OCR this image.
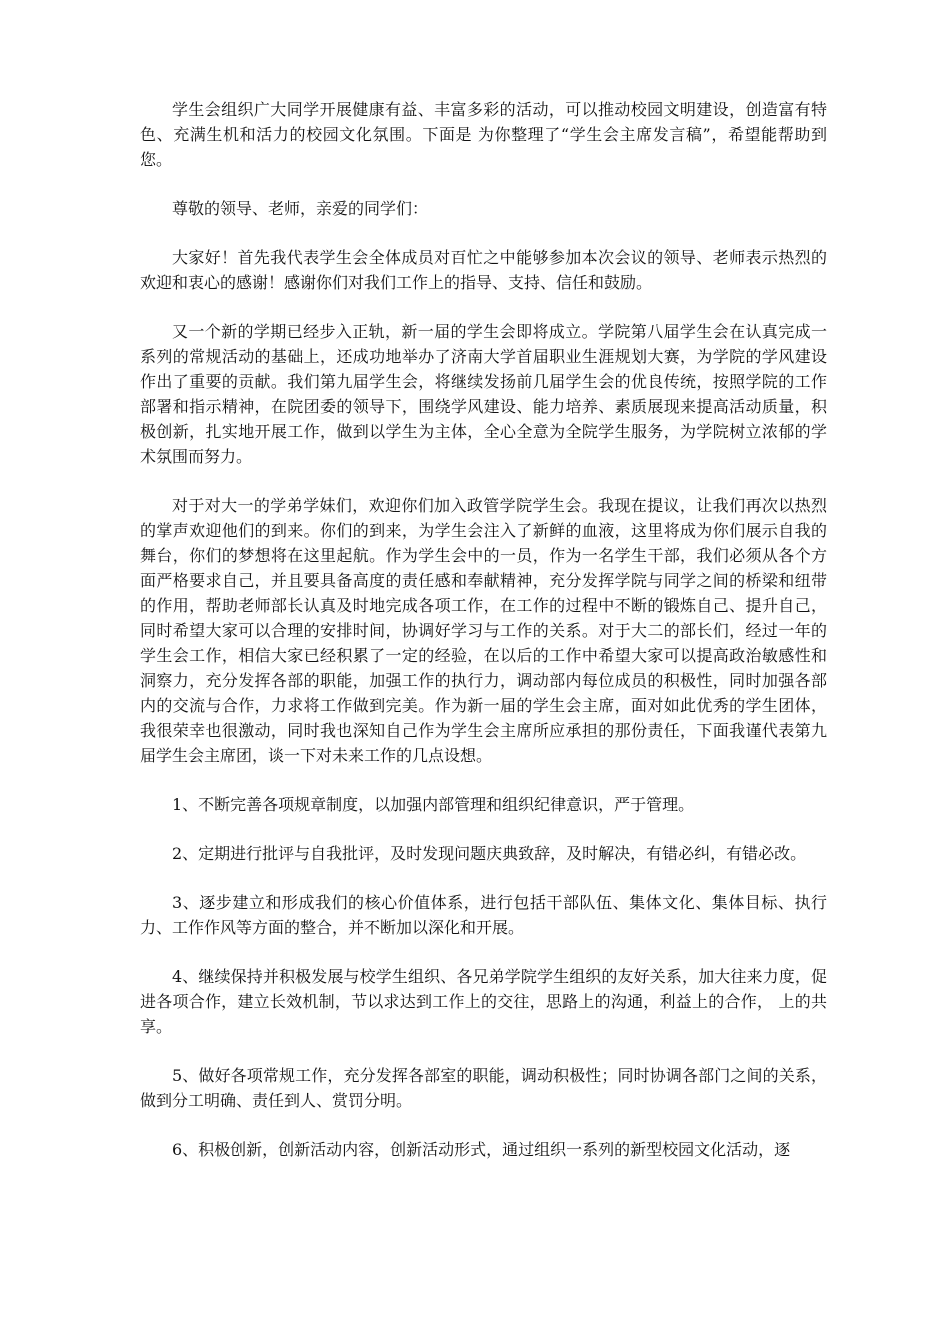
学生会组织广大同学开展健康有益、丰富多彩的活动，可以推动校园文明建设，创造富有特色、充满生机和活力的校园文化氛围。下面是 为你整理了“学生会主席发言稿”，希望能帮助到您。

尊敬的领导、老师，亲爱的同学们：

大家好！首先我代表学生会全体成员对百忙之中能够参加本次会议的领导、老师表示热烈的欢迎和衷心的感谢！感谢你们对我们工作上的指导、支持、信任和鼓励。

又一个新的学期已经步入正轨，新一届的学生会即将成立。学院第八届学生会在认真完成一系列的常规活动的基础上，还成功地举办了济南大学首届职业生涯规划大赛，为学院的学风建设作出了重要的贡献。我们第九届学生会，将继续发扬前几届学生会的优良传统，按照学院的工作部署和指示精神，在院团委的领导下，围绕学风建设、能力培养、素质展现来提高活动质量，积极创新，扎实地开展工作，做到以学生为主体，全心全意为全院学生服务，为学院树立浓郁的学术氛围而努力。

对于对大一的学弟学妹们，欢迎你们加入政管学院学生会。我现在提议，让我们再次以热烈的掌声欢迎他们的到来。你们的到来，为学生会注入了新鲜的血液，这里将成为你们展示自我的舞台，你们的梦想将在这里起航。作为学生会中的一员，作为一名学生干部，我们必须从各个方面严格要求自己，并且要具备高度的责任感和奉献精神，充分发挥学院与同学之间的桥梁和纽带的作用，帮助老师部长认真及时地完成各项工作，在工作的过程中不断的锻炼自己、提升自己，同时希望大家可以合理的安排时间，协调好学习与工作的关系。对于大二的部长们，经过一年的学生会工作，相信大家已经积累了一定的经验，在以后的工作中希望大家可以提高政治敏感性和洞察力，充分发挥各部的职能，加强工作的执行力，调动部内每位成员的积极性，同时加强各部内的交流与合作，力求将工作做到完美。作为新一届的学生会主席，面对如此优秀的学生团体，我很荣幸也很激动，同时我也深知自己作为学生会主席所应承担的那份责任，下面我谨代表第九届学生会主席团，谈一下对未来工作的几点设想。

1、不断完善各项规章制度，以加强内部管理和组织纪律意识，严于管理。

2、定期进行批评与自我批评，及时发现问题庆典致辞，及时解决，有错必纠，有错必改。

3、逐步建立和形成我们的核心价值体系，进行包括干部队伍、集体文化、集体目标、执行力、工作作风等方面的整合，并不断加以深化和开展。

4、继续保持并积极发展与校学生组织、各兄弟学院学生组织的友好关系，加大往来力度，促进各项合作，建立长效机制，节以求达到工作上的交往，思路上的沟通，利益上的合作， 上的共享。

5、做好各项常规工作，充分发挥各部室的职能，调动积极性；同时协调各部门之间的关系，做到分工明确、责任到人、赏罚分明。

6、积极创新，创新活动内容，创新活动形式，通过组织一系列的新型校园文化活动，逐
